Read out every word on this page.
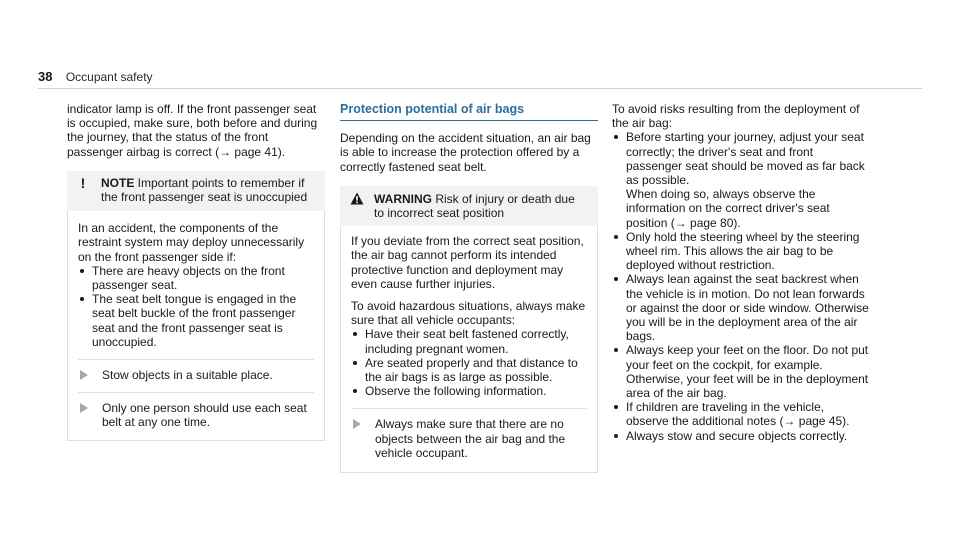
38 Occupant safety

indicator lamp is off. If the front passenger seat is occupied, make sure, both before and during the journey, that the status of the front passenger airbag is correct (→ page 41).

!	NOTE Important points to remember if the front passenger seat is unoccupied

In an accident, the components of the restraint system may deploy unnecessarily on the front passenger side if:

There are heavy objects on the front passenger seat.
The seat belt tongue is engaged in the seat belt buckle of the front passenger seat and the front passenger seat is unoccupied.
Stow objects in a suitable place.
Only one person should use each seat belt at any one time.
Protection potential of air bags

Depending on the accident situation, an air bag is able to increase the protection offered by a correctly fastened seat belt.

WARNING Risk of injury or death due to incorrect seat position

If you deviate from the correct seat position, the air bag cannot perform its intended protective function and deployment may even cause further injuries.

To avoid hazardous situations, always make sure that all vehicle occupants:

Have their seat belt fastened correctly, including pregnant women.
Are seated properly and that distance to the air bags is as large as possible.
Observe the following information.
Always make sure that there are no objects between the air bag and the vehicle occupant.

To avoid risks resulting from the deployment of the air bag:

Before starting your journey, adjust your seat correctly; the driver's seat and front passenger seat should be moved as far back as possible.

When doing so, always observe the information on the correct driver's seat position (→ page 80).

Only hold the steering wheel by the steering wheel rim. This allows the air bag to be deployed without restriction.
Always lean against the seat backrest when the vehicle is in motion. Do not lean forwards or against the door or side window. Otherwise you will be in the deployment area of the air bags.
Always keep your feet on the floor. Do not put your feet on the cockpit, for example. Otherwise, your feet will be in the deployment area of the air bag.
If children are traveling in the vehicle, observe the additional notes (→ page 45).
Always stow and secure objects correctly.
